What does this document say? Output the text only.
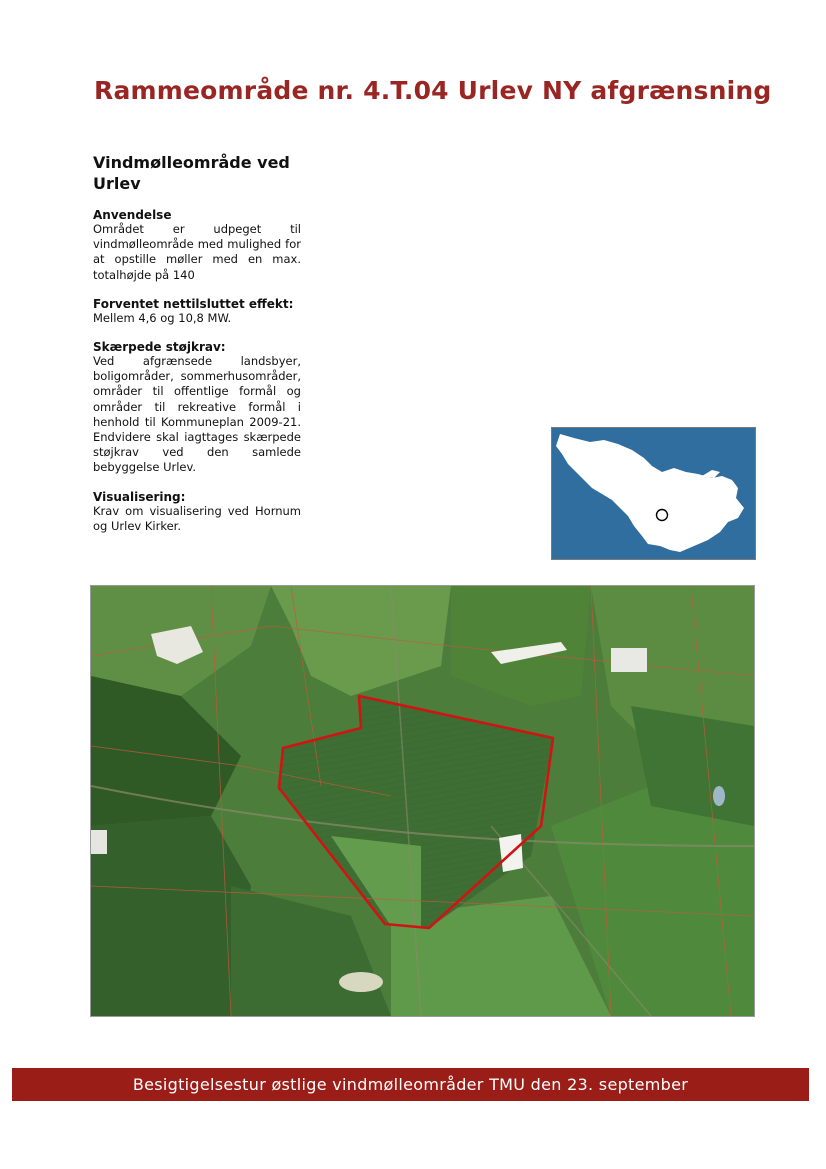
Rammeområde nr. 4.T.04 Urlev NY afgrænsning
Vindmølleområde ved Urlev
Anvendelse

Området er udpeget til vindmølleområde med mulighed for at opstille møller med en max. totalhøjde på 140

Forventet nettilsluttet effekt:

Mellem 4,6 og 10,8 MW.

Skærpede støjkrav:

Ved afgrænsede landsbyer, boligområder, sommerhusområder, områder til offentlige formål og områder til rekreative formål i henhold til Kommuneplan 2009-21. Endvidere skal iagttages skærpede støjkrav ved den samlede bebyggelse Urlev.

Visualisering:

Krav om visualisering ved Hornum og Urlev Kirker.

Besigtigelsestur østlige vindmølleområder TMU den 23. september
